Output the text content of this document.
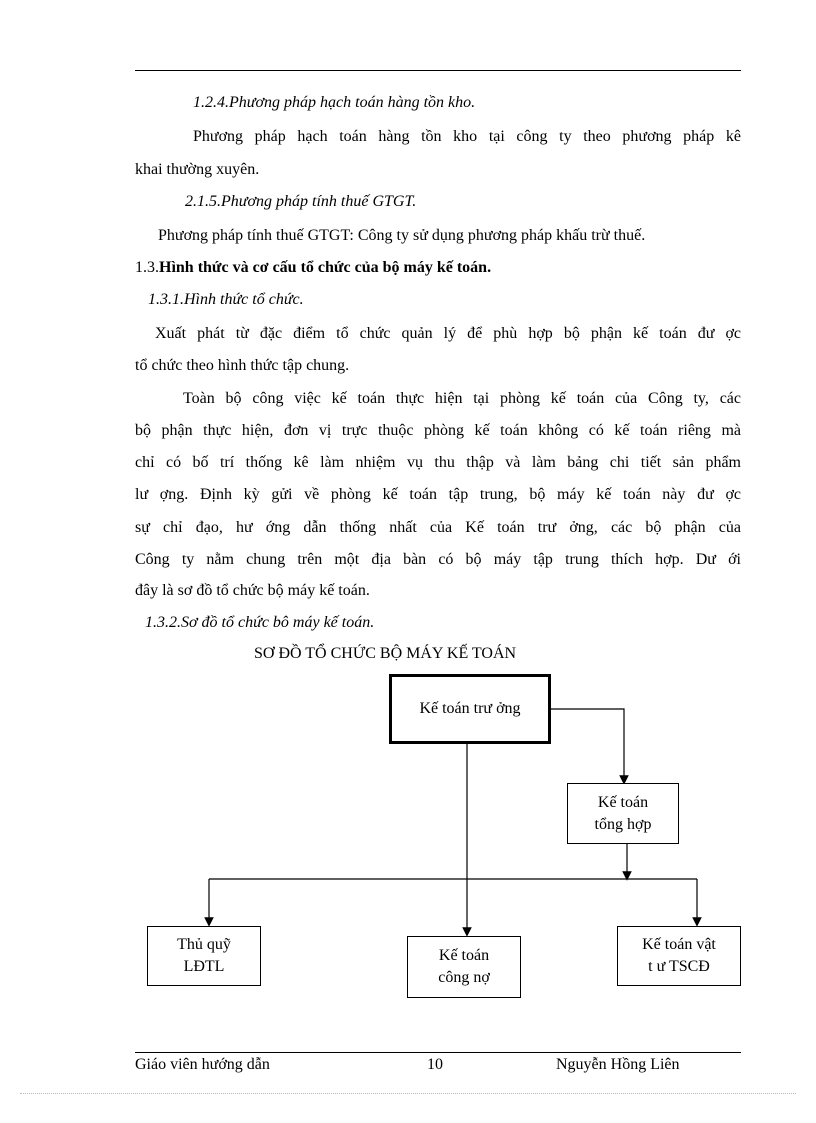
1.2.4.Phương pháp hạch toán hàng tồn kho.
Phương pháp hạch toán hàng tồn kho tại công ty theo phương pháp kê
khai thường xuyên.
2.1.5.Phương pháp tính thuế GTGT.
Phương pháp tính thuế GTGT: Công ty sử dụng phương pháp khấu trừ thuế.
1.3.Hình thức và cơ cấu tổ chức của bộ máy kế toán.
1.3.1.Hình thức tổ chức.
Xuất phát từ đặc điểm tổ chức quản lý để phù hợp bộ phận kế toán đư ợc
tổ chức theo hình thức tập chung.
Toàn bộ công việc kế toán thực hiện tại phòng kế toán của Công ty, các
bộ phận thực hiện, đơn vị trực thuộc phòng kế toán không có kế toán riêng mà
chỉ có bố trí thống kê làm nhiệm vụ thu thập và làm bảng chi tiết sản phẩm
lư ợng. Định kỳ gửi về phòng kế toán tập trung, bộ máy kế toán này đư ợc
sự chỉ đạo, hư ớng dẫn thống nhất của Kế toán trư ởng, các bộ phận của
Công ty nằm chung trên một địa bàn có bộ máy tập trung thích hợp. Dư ới
đây là sơ đồ tổ chức bộ máy kế toán.
1.3.2.Sơ đồ tổ chức bô máy kế toán.
SƠ ĐỒ TỔ CHỨC BỘ MÁY KẾ TOÁN
Kế toán trư ởng
Kế toán
tổng hợp
Thủ quỹ
LĐTL
Kế toán
công nợ
Kế toán vật
t ư TSCĐ
Giáo viên hướng dẫn	10	Nguyễn Hồng Liên
